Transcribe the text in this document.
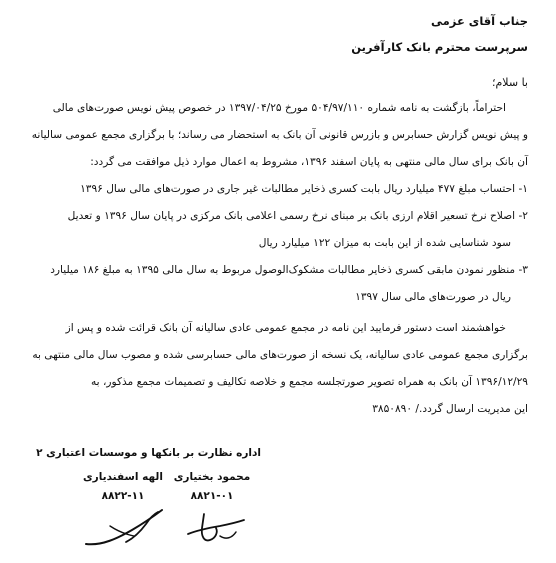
جناب آقای عزمی
سرپرست محترم بانک کارآفرین
با سلام؛
احتراماً، بازگشت به نامه شماره ۵۰۴/۹۷/۱۱۰ مورخ ۱۳۹۷/۰۴/۲۵ در خصوص پیش نویس صورت‌های مالی
و پیش نویس گزارش حسابرس و بازرس قانونی آن بانک به استحضار می رساند؛ با برگزاری مجمع عمومی سالیانه
آن بانک برای سال مالی منتهی به پایان اسفند ۱۳۹۶، مشروط به اعمال موارد ذیل موافقت می گردد:
۱- احتساب مبلغ ۴۷۷ میلیارد ریال بابت کسری ذخایر مطالبات غیر جاری در صورت‌های مالی سال ۱۳۹۶
۲- اصلاح نرخ تسعیر اقلام ارزی بانک بر مبنای نرخ رسمی اعلامی بانک مرکزی در پایان سال ۱۳۹۶ و تعدیل
سود شناسایی شده از این بابت به میزان ۱۲۲ میلیارد ریال
۳- منظور نمودن مابقی کسری ذخایر مطالبات مشکوک‌الوصول مربوط به سال مالی ۱۳۹۵ به مبلغ ۱۸۶ میلیارد
ریال در صورت‌های مالی سال ۱۳۹۷
خواهشمند است دستور فرمایید این نامه در مجمع عمومی عادی سالیانه آن بانک قرائت شده و پس از
برگزاری مجمع عمومی عادی سالیانه، یک نسخه از صورت‌های مالی حسابرسی شده و مصوب سال مالی منتهی به
۱۳۹۶/۱۲/۲۹ آن بانک به همراه تصویر صورتجلسه مجمع و خلاصه تکالیف و تصمیمات مجمع مذکور، به
این مدیریت ارسال گردد./ ۳۸۵۰۸۹۰
اداره نظارت بر بانکها و موسسات اعتباری ۲
محمود بختیاری
۸۸۲۱-۰۱
الهه اسفندیاری
۸۸۲۲-۱۱
